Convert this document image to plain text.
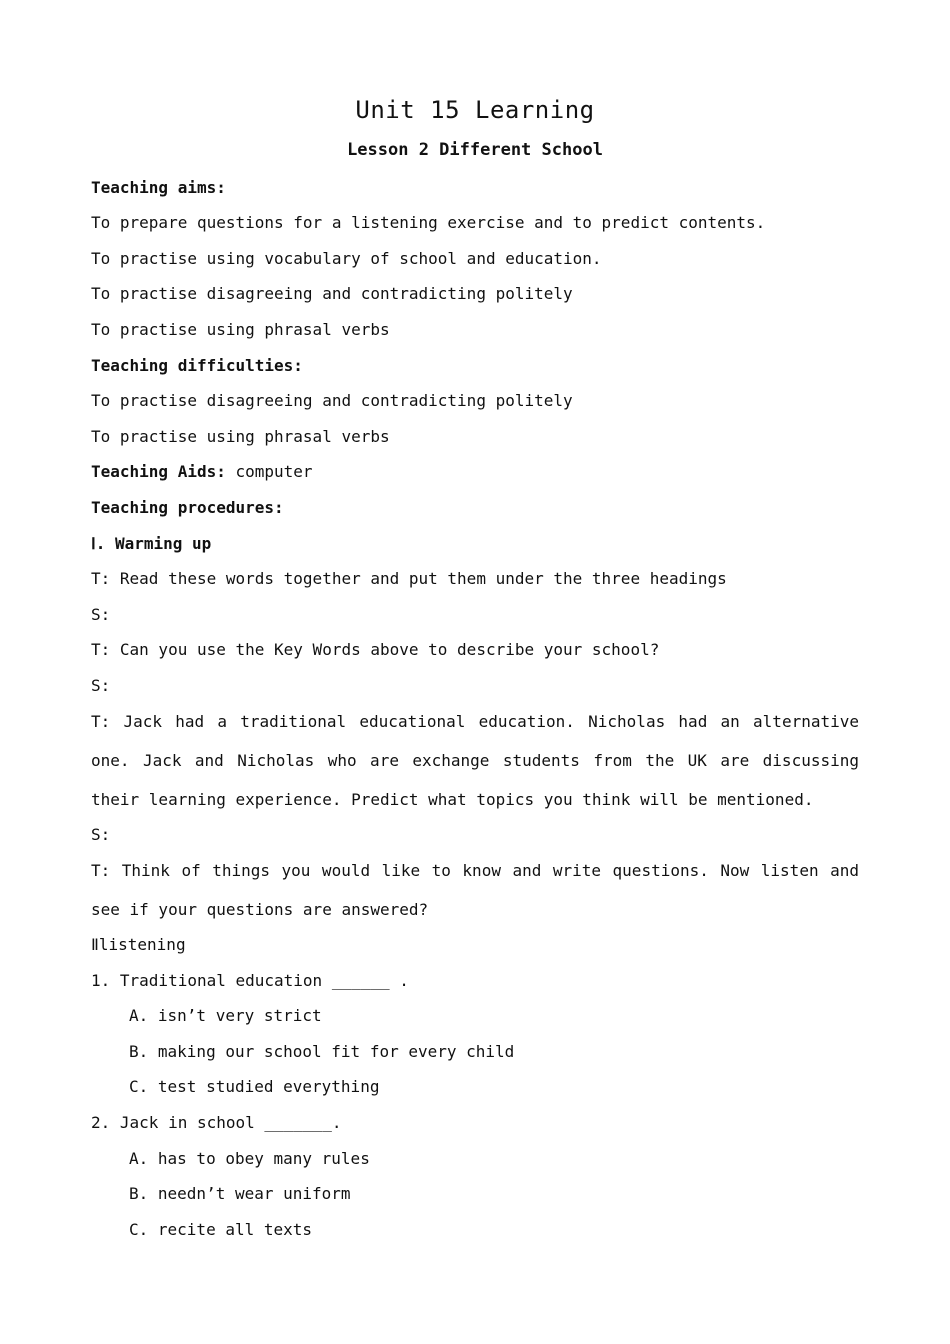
Unit 15 Learning
Lesson 2 Different School
Teaching aims:
To prepare questions for a listening exercise and to predict contents.
To practise using vocabulary of school and education.
To practise disagreeing and contradicting politely
To practise using phrasal verbs
Teaching difficulties:
To practise disagreeing and contradicting politely
To practise using phrasal verbs
Teaching Aids: computer
Teaching procedures:
Ⅰ. Warming up
T: Read these words together and put them under the three headings
S:
T: Can you use the Key Words above to describe your school?
S:
T: Jack had a traditional educational education. Nicholas had an alternative one. Jack and Nicholas who are exchange students from the UK are discussing their learning experience. Predict what topics you think will be mentioned.
S:
T: Think of things you would like to know and write questions. Now listen and see if your questions are answered?
Ⅱlistening
1. Traditional education ______ .
A. isn’t very strict
B. making our school fit for every child
C. test studied everything
2. Jack in school _______.
A. has to obey many rules
B. needn’t wear uniform
C. recite all texts
